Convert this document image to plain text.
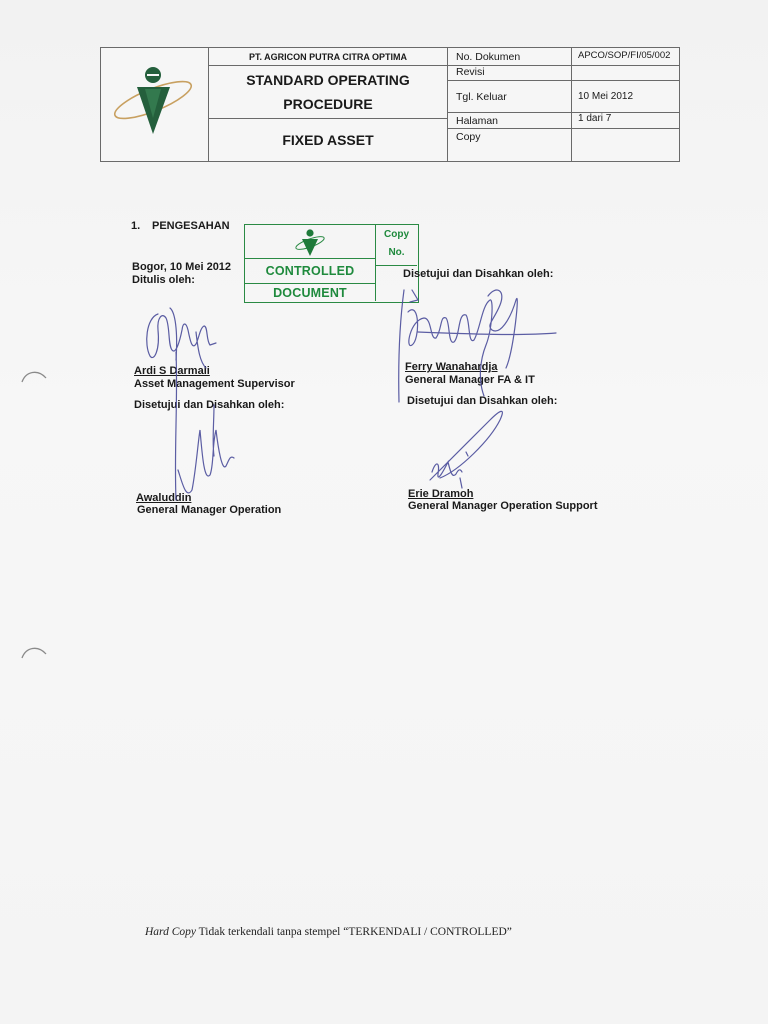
PT. AGRICON PUTRA CITRA OPTIMA
STANDARD OPERATING
PROCEDURE
FIXED ASSET
No. Dokumen	APCO/SOP/FI/05/002
Revisi
Tgl. Keluar	10 Mei 2012
Halaman	1 dari 7
Copy
1. PENGESAHAN
CONTROLLED
DOCUMENT
Copy
No.
Bogor, 10 Mei 2012
Ditulis oleh:
Ardi S Darmali
Asset Management Supervisor
Disetujui dan Disahkan oleh:
Ferry Wanahardja
General Manager FA & IT
Disetujui dan Disahkan oleh:
Awaluddin
General Manager Operation
Disetujui dan Disahkan oleh:
Erie Dramoh
General Manager Operation Support
Hard Copy Tidak terkendali tanpa stempel “TERKENDALI / CONTROLLED”
